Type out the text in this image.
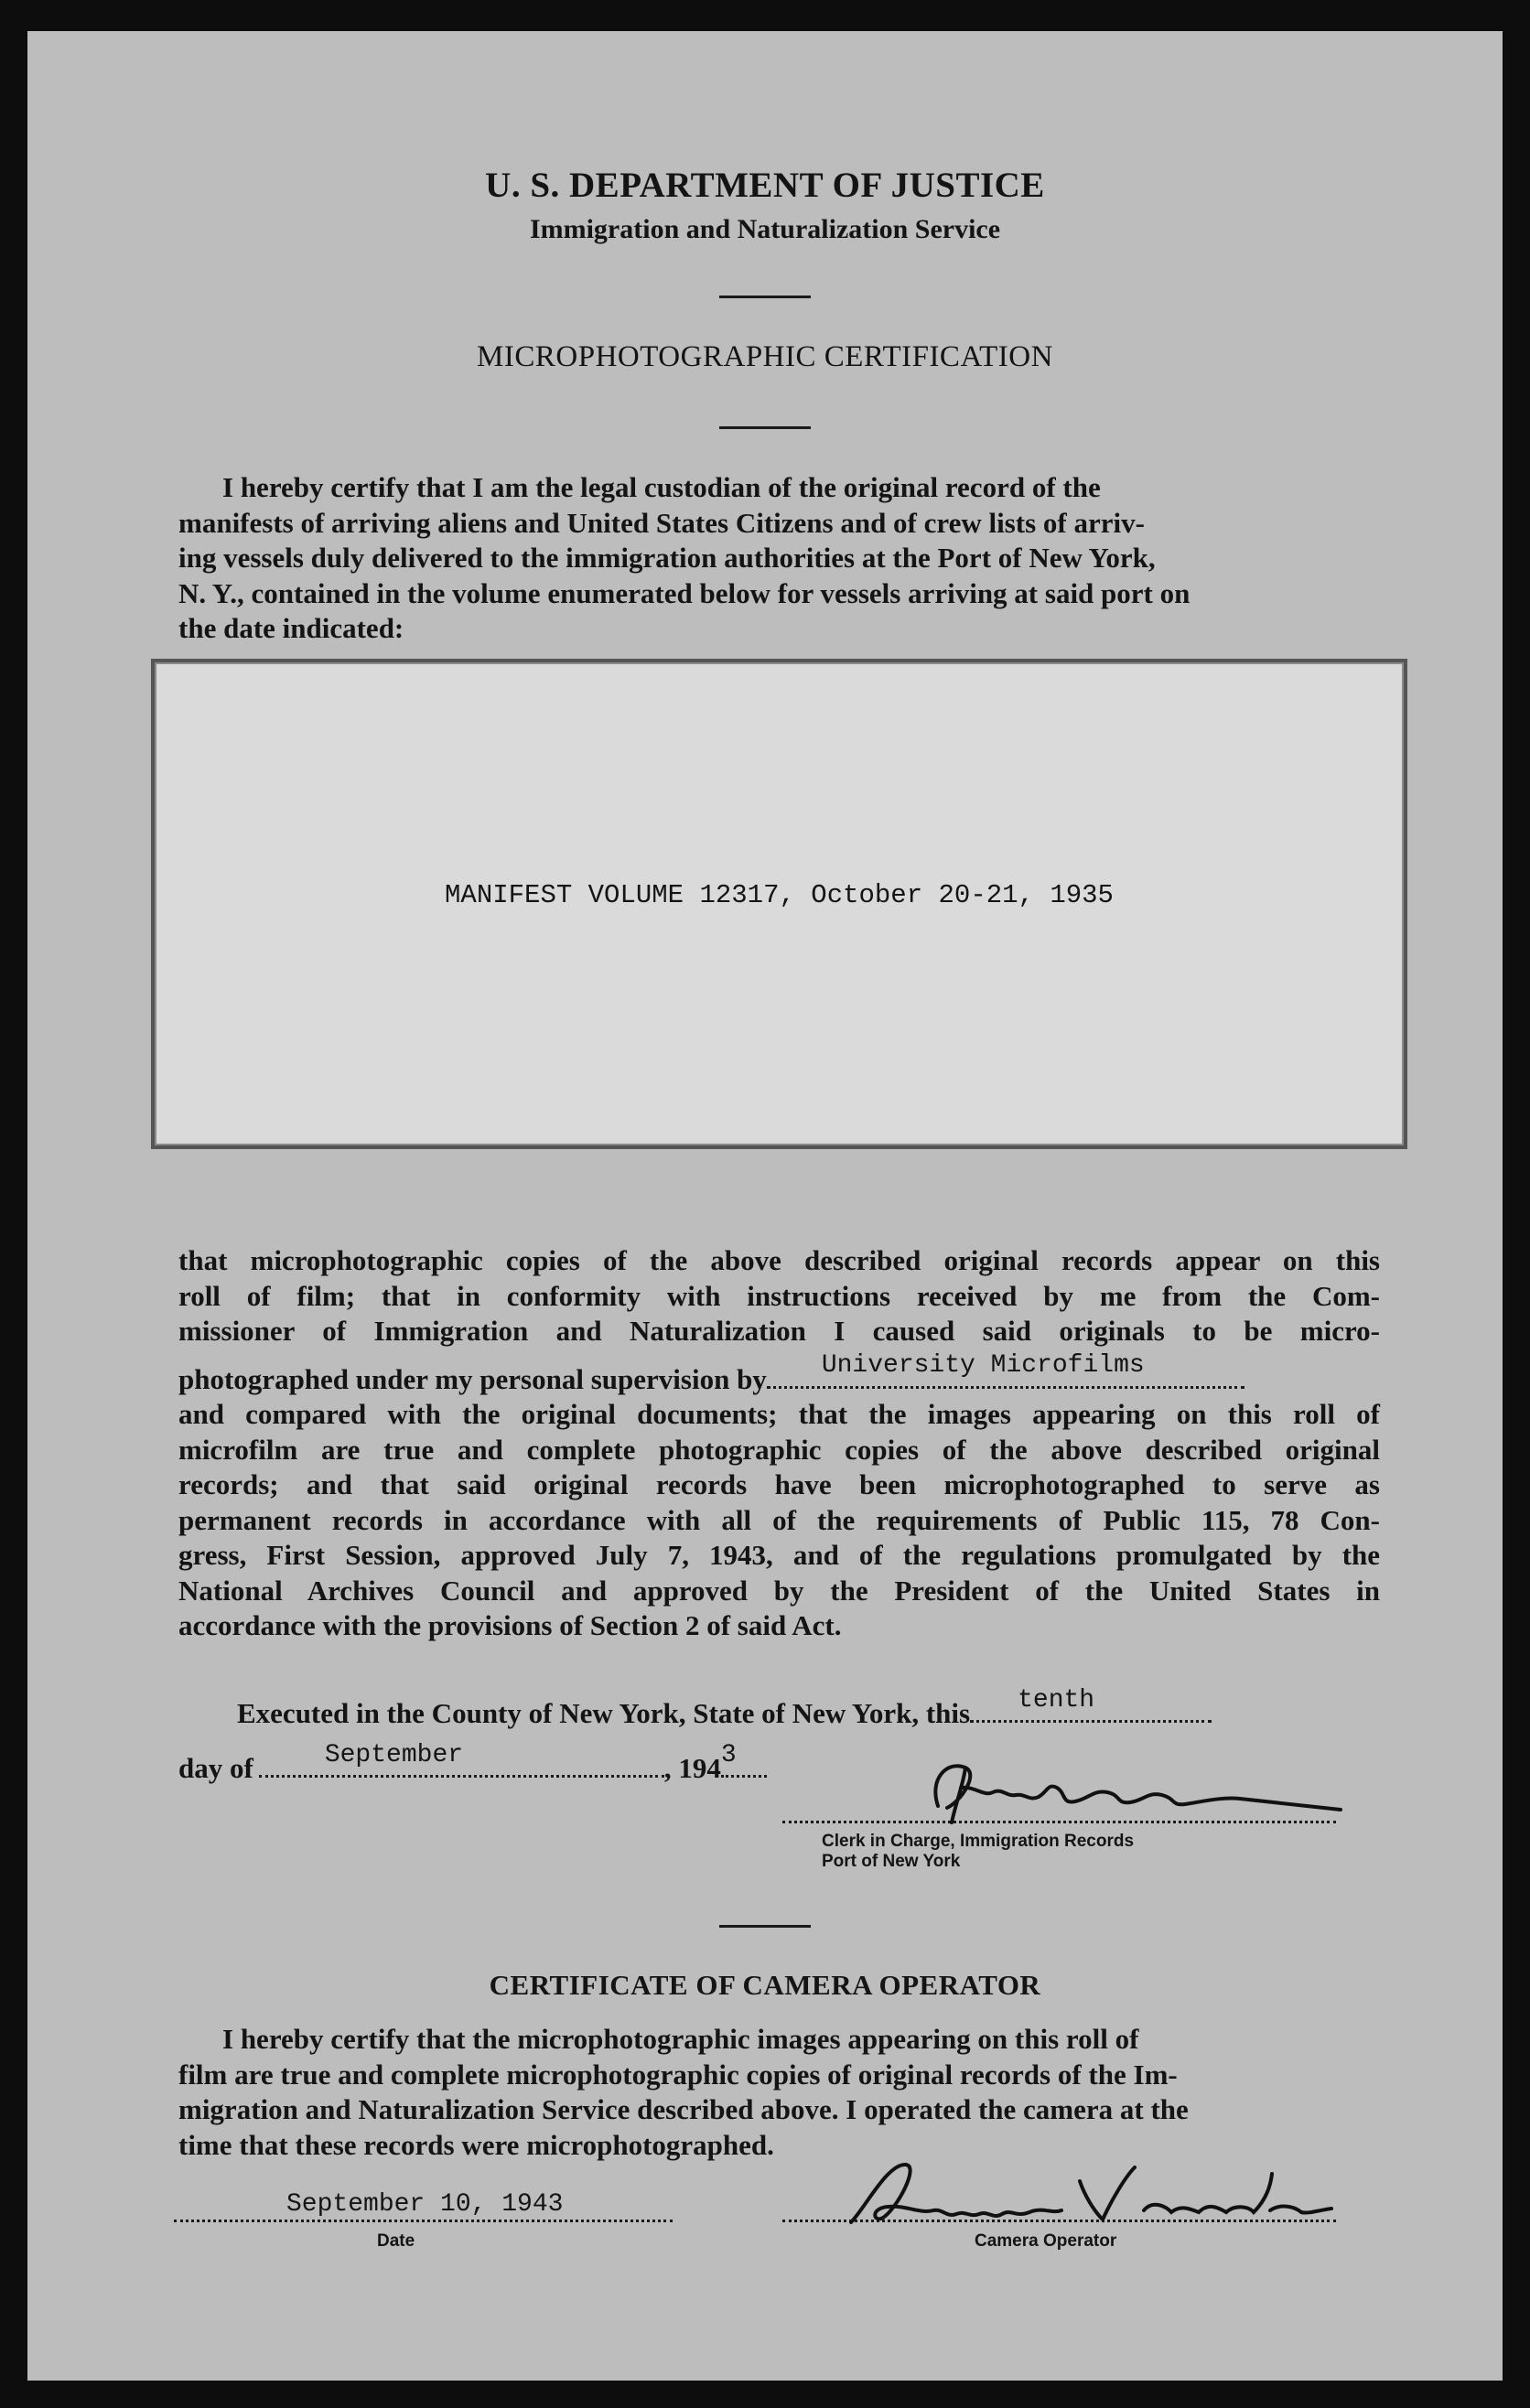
U. S. DEPARTMENT OF JUSTICE
Immigration and Naturalization Service
MICROPHOTOGRAPHIC CERTIFICATION
I hereby certify that I am the legal custodian of the original record of the
manifests of arriving aliens and United States Citizens and of crew lists of arriv-
ing vessels duly delivered to the immigration authorities at the Port of New York,
N. Y., contained in the volume enumerated below for vessels arriving at said port on
the date indicated:
MANIFEST VOLUME 12317, October 20-21, 1935
that microphotographic copies of the above described original records appear on this
roll of film; that in conformity with instructions received by me from the Com-
missioner of Immigration and Naturalization I caused said originals to be micro-
photographed under my personal supervision by University Microfilms
and compared with the original documents; that the images appearing on this roll of
microfilm are true and complete photographic copies of the above described original
records; and that said original records have been microphotographed to serve as
permanent records in accordance with all of the requirements of Public 115, 78 Con-
gress, First Session, approved July 7, 1943, and of the regulations promulgated by the
National Archives Council and approved by the President of the United States in
accordance with the provisions of Section 2 of said Act.
Executed in the County of New York, State of New York, this tenth
day of	September	, 194 3
Clerk in Charge, Immigration Records
Port of New York
CERTIFICATE OF CAMERA OPERATOR
I hereby certify that the microphotographic images appearing on this roll of
film are true and complete microphotographic copies of original records of the Im-
migration and Naturalization Service described above. I operated the camera at the
time that these records were microphotographed.
September 10, 1943
Date	Camera Operator
